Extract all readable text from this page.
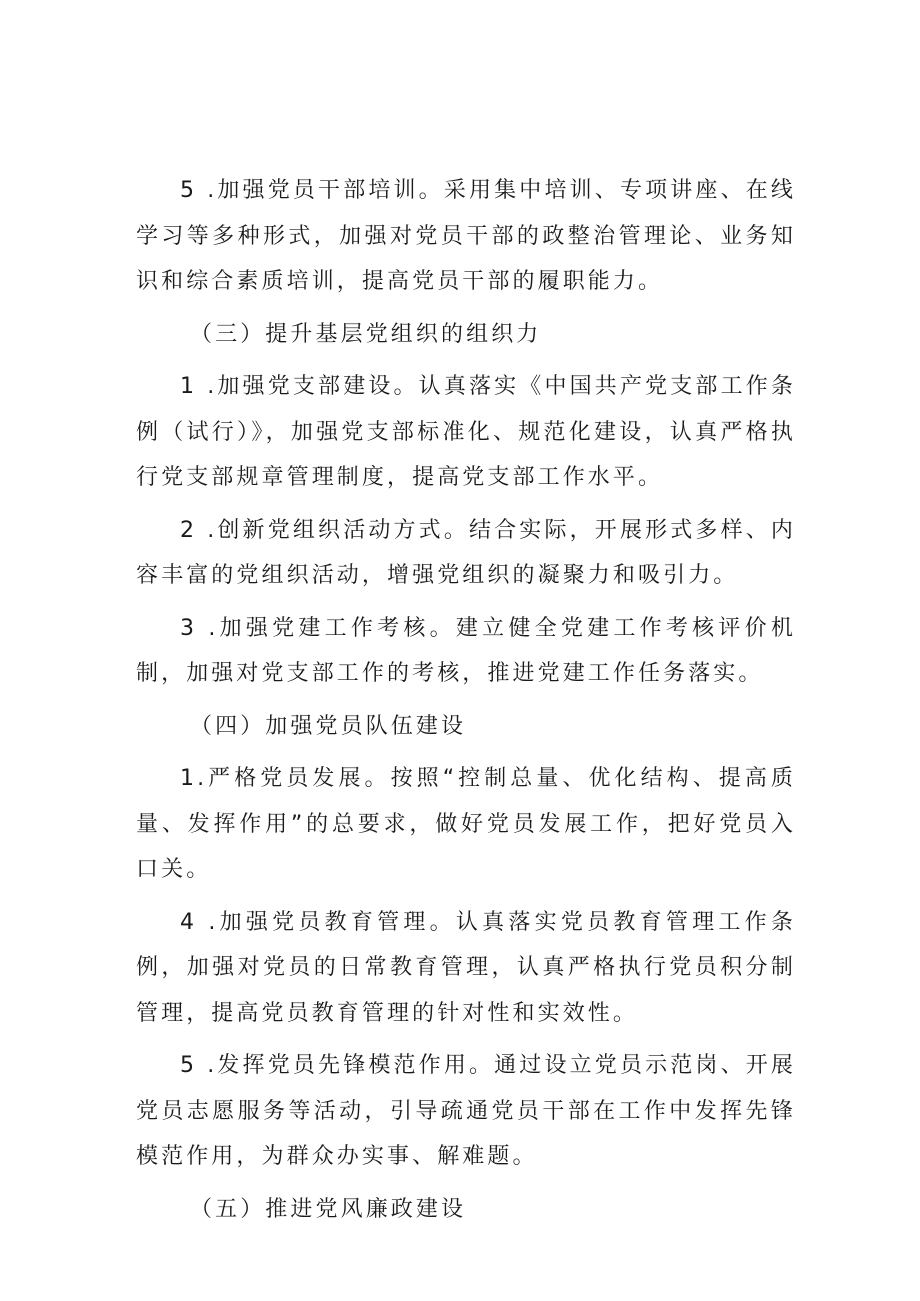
5 .加强党员干部培训。采用集中培训、专项讲座、在线学习等多种形式，加强对党员干部的政整治管理论、业务知识和综合素质培训，提高党员干部的履职能力。

（三）提升基层党组织的组织力

1 .加强党支部建设。认真落实《中国共产党支部工作条例（试行）》，加强党支部标准化、规范化建设，认真严格执行党支部规章管理制度，提高党支部工作水平。

2 .创新党组织活动方式。结合实际，开展形式多样、内容丰富的党组织活动，增强党组织的凝聚力和吸引力。

3 .加强党建工作考核。建立健全党建工作考核评价机制，加强对党支部工作的考核，推进党建工作任务落实。

（四）加强党员队伍建设

1.严格党员发展。按照“控制总量、优化结构、提高质量、发挥作用”的总要求，做好党员发展工作，把好党员入口关。

4 .加强党员教育管理。认真落实党员教育管理工作条例，加强对党员的日常教育管理，认真严格执行党员积分制管理，提高党员教育管理的针对性和实效性。

5 .发挥党员先锋模范作用。通过设立党员示范岗、开展党员志愿服务等活动，引导疏通党员干部在工作中发挥先锋模范作用，为群众办实事、解难题。

（五）推进党风廉政建设
